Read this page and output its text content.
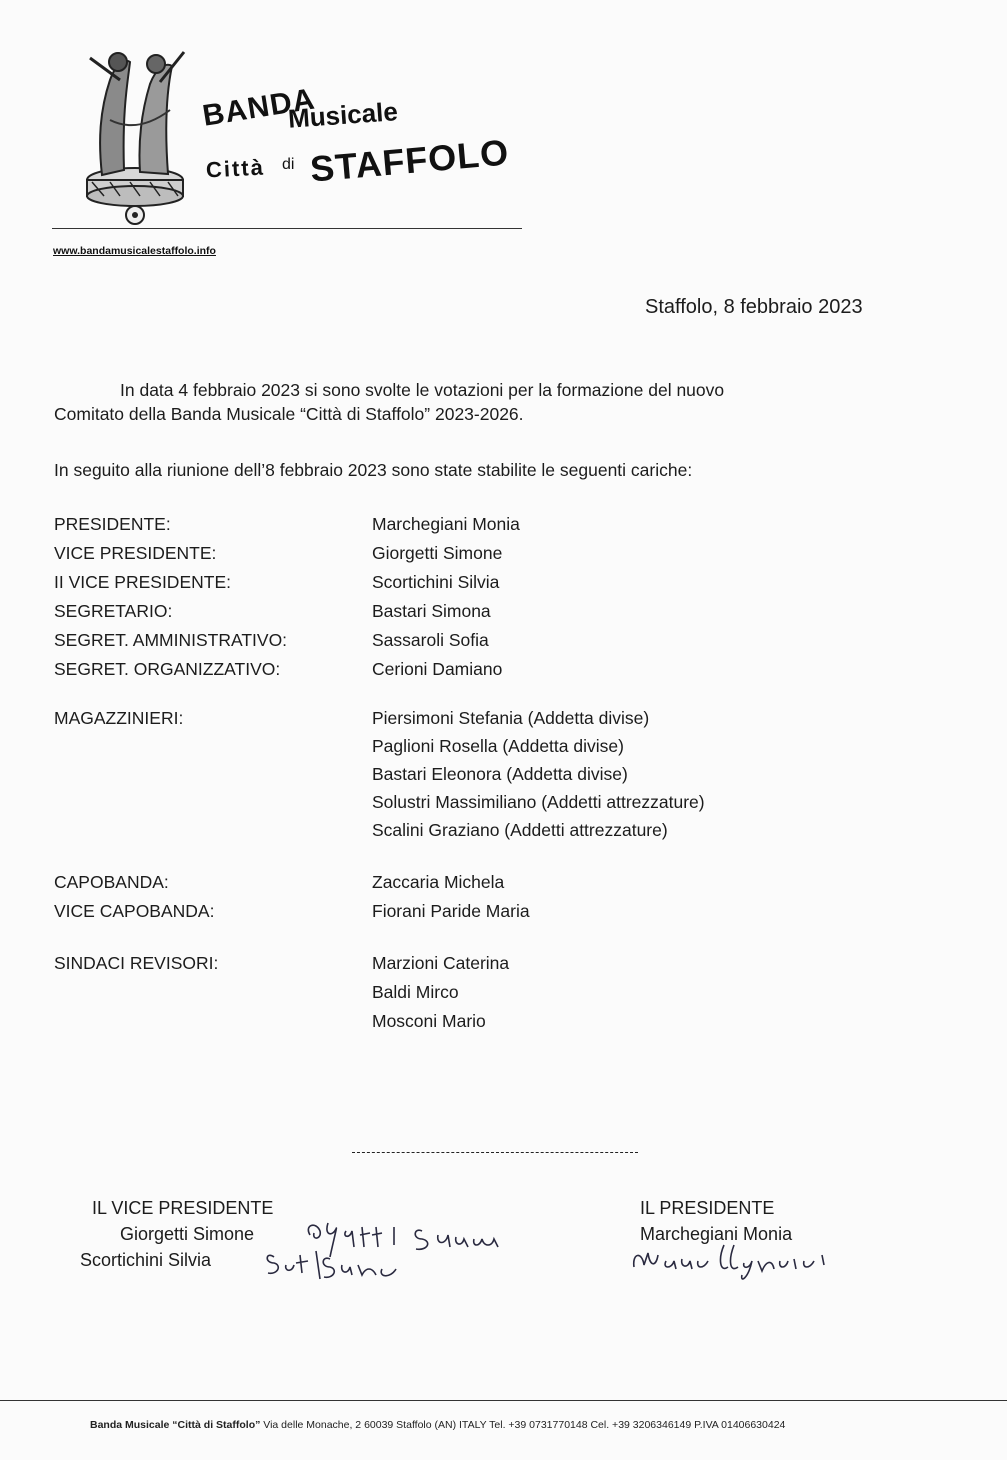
BANDA
Musicale
Città di STAFFOLO
www.bandamusicalestaffolo.info
Staffolo, 8 febbraio 2023
In data 4 febbraio 2023 si sono svolte le votazioni per la formazione del nuovo
Comitato della Banda Musicale “Città di Staffolo” 2023-2026.
In seguito alla riunione dell’8 febbraio 2023 sono state stabilite le seguenti cariche:
PRESIDENTE:	Marchegiani Monia
VICE PRESIDENTE:	Giorgetti Simone
II VICE PRESIDENTE:	Scortichini Silvia
SEGRETARIO:	Bastari Simona
SEGRET. AMMINISTRATIVO:	Sassaroli Sofia
SEGRET. ORGANIZZATIVO:	Cerioni Damiano
MAGAZZINIERI:	Piersimoni Stefania (Addetta divise)
Paglioni Rosella (Addetta divise)
Bastari Eleonora (Addetta divise)
Solustri Massimiliano (Addetti attrezzature)
Scalini Graziano (Addetti attrezzature)
CAPOBANDA:	Zaccaria Michela
VICE CAPOBANDA:	Fiorani Paride Maria
SINDACI REVISORI:	Marzioni Caterina
Baldi Mirco
Mosconi Mario
IL VICE PRESIDENTE
Giorgetti Simone
Scortichini Silvia
IL PRESIDENTE
Marchegiani Monia
Banda Musicale “Città di Staffolo” Via delle Monache, 2 60039 Staffolo (AN) ITALY Tel. +39 0731770148 Cel. +39 3206346149 P.IVA 01406630424
